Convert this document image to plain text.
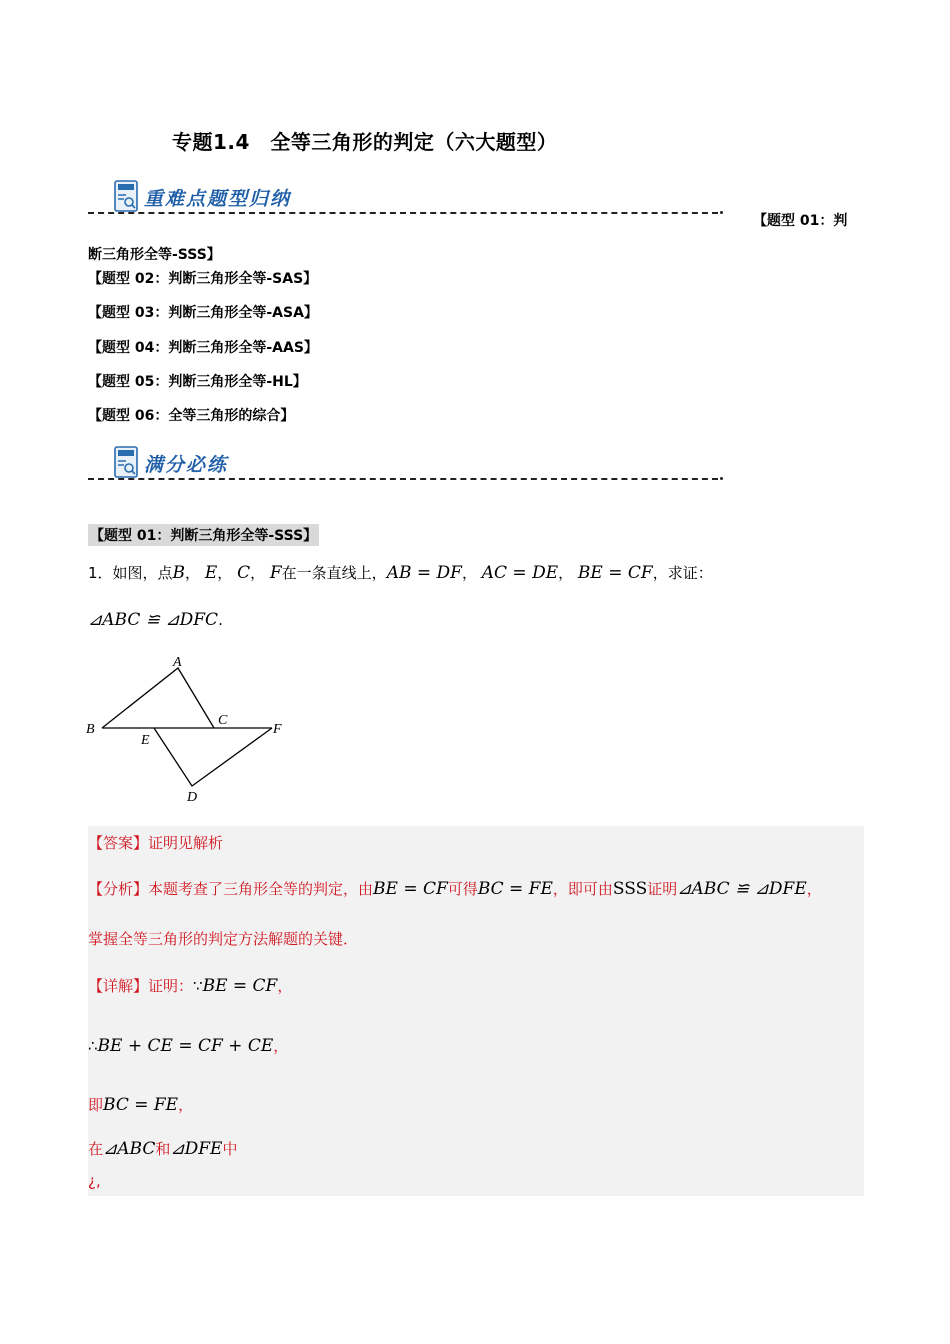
专题1.4　全等三角形的判定（六大题型）
重难点题型归纳
【题型 01：判
断三角形全等-SSS】
【题型 02：判断三角形全等-SAS】
【题型 03：判断三角形全等-ASA】
【题型 04：判断三角形全等-AAS】
【题型 05：判断三角形全等-HL】
【题型 06：全等三角形的综合】
满分必练
【题型 01：判断三角形全等-SSS】
1．如图，点B， E， C， F在一条直线上，AB = DF， AC = DE， BE = CF，求证：
⊿ABC ≌ ⊿DFC.
A
B
C
E
F
D
【答案】证明见解析
【分析】本题考查了三角形全等的判定，由BE = CF可得BC = FE，即可由SSS证明⊿ABC ≌ ⊿DFE，
掌握全等三角形的判定方法解题的关键．
【详解】证明：∵BE = CF，
∴BE + CE = CF + CE，
即BC = FE，
在⊿ABC和⊿DFE中
¿,
